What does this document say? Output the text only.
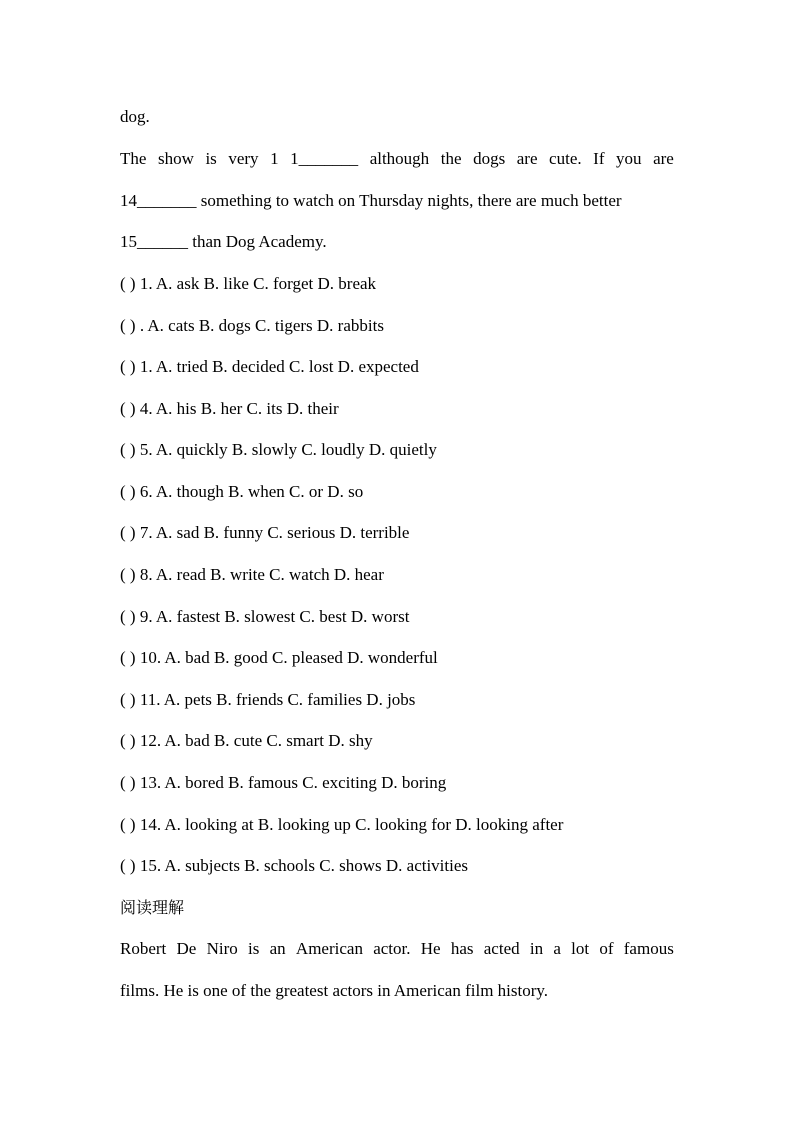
dog.
The show is very 1 1_______ although the dogs are cute. If you are
14_______ something to watch on Thursday nights, there are much better
15______ than Dog Academy.
( ) 1. A. ask B. like C. forget D. break
( ) . A. cats B. dogs C. tigers D. rabbits
( ) 1. A. tried B. decided C. lost D. expected
( ) 4. A. his B. her C. its D. their
( ) 5. A. quickly B. slowly C. loudly D. quietly
( ) 6. A. though B. when C. or D. so
( ) 7. A. sad B. funny C. serious D. terrible
( ) 8. A. read B. write C. watch D. hear
( ) 9. A. fastest B. slowest C. best D. worst
( ) 10. A. bad B. good C. pleased D. wonderful
( ) 11. A. pets B. friends C. families D. jobs
( ) 12. A. bad B. cute C. smart D. shy
( ) 13. A. bored B. famous C. exciting D. boring
( ) 14. A. looking at B. looking up C. looking for D. looking after
( ) 15. A. subjects B. schools C. shows D. activities
阅读理解
Robert De Niro is an American actor. He has acted in a lot of famous
films. He is one of the greatest actors in American film history.
